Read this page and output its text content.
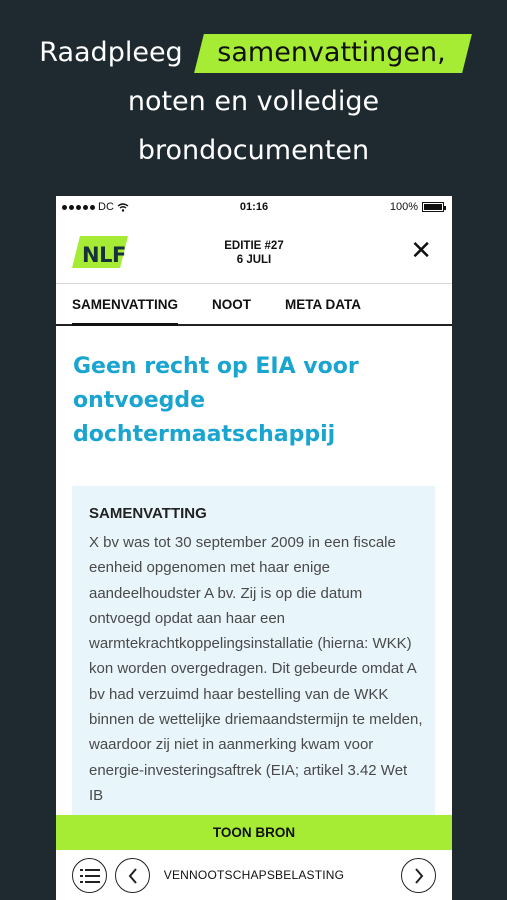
Raadpleeg samenvattingen,
noten en volledige
brondocumenten
DC	01:16	100%
NLF	EDITIE #27
6 JULI	✕
SAMENVATTING	NOOT	META DATA
Geen recht op EIA voor ontvoegde dochtermaatschappij
SAMENVATTING
X bv was tot 30 september 2009 in een fiscale eenheid opgenomen met haar enige aandeelhoudster A bv. Zij is op die datum ontvoegd opdat aan haar een warmtekrachtkoppelingsinstallatie (hierna: WKK) kon worden overgedragen. Dit gebeurde omdat A bv had verzuimd haar bestelling van de WKK binnen de wettelijke driemaandstermijn te melden, waardoor zij niet in aanmerking kwam voor energie-investeringsaftrek (EIA; artikel 3.42 Wet IB
TOON BRON
VENNOOTSCHAPSBELASTING
